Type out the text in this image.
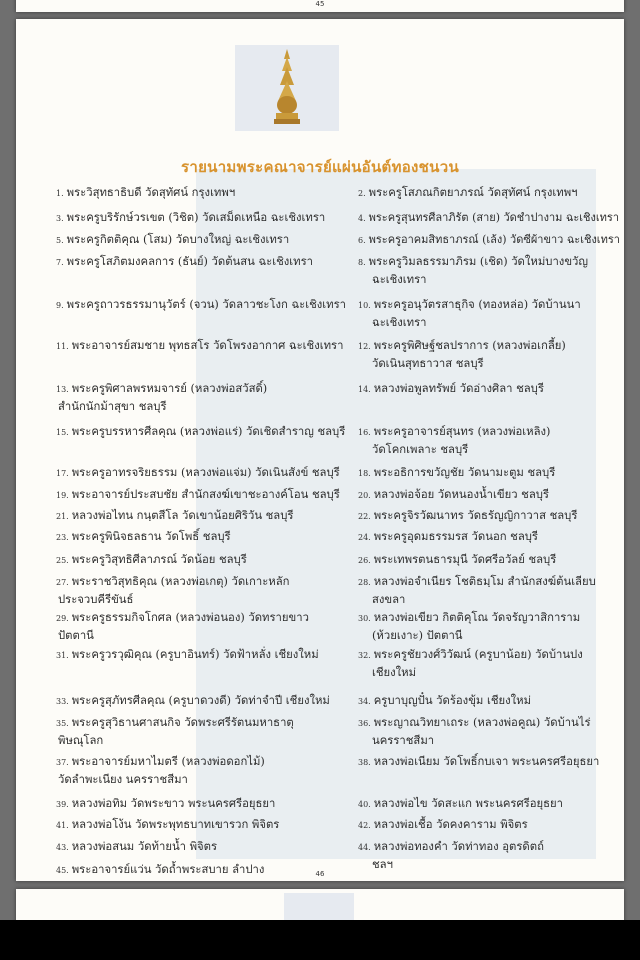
45
รายนามพระคณาจารย์แผ่นอันต์ทองชนวน
1. พระวิสุทธาธิบดี วัดสุทัศน์ กรุงเทพฯ
3. พระครูบริรักษ์วรเขต (วิชิต) วัดเสม็ดเหนือ ฉะเชิงเทรา
5. พระครูกิตติคุณ (โสม) วัดบางใหญ่ ฉะเชิงเทรา
7. พระครูโสภิตมงคลการ (ธันย์) วัดต้นสน ฉะเชิงเทรา
9. พระครูถาวรธรรมานุวัตร์ (จวน) วัดลาวชะโงก ฉะเชิงเทรา
11. พระอาจารย์สมชาย พุทธสโร วัดโพรงอากาศ ฉะเชิงเทรา
13. พระครูพิศาลพรหมจารย์ (หลวงพ่อสวัสดิ์)
สำนักนักม้าสุขา ชลบุรี
15. พระครูบรรหารศีลคุณ (หลวงพ่อแร่) วัดเชิดสำราญ ชลบุรี
17. พระครูอาทรจริยธรรม (หลวงพ่อแจ่ม) วัดเนินสังข์ ชลบุรี
19. พระอาจารย์ประสบชัย สำนักสงฆ์เขาชะอางค์โอน ชลบุรี
21. หลวงพ่อไทน กนฺตสีโล วัดเขาน้อยศิริวัน ชลบุรี
23. พระครูพินิจธลธาน วัดโพธิ์ ชลบุรี
25. พระครูวิสุทธิศีลาภรณ์ วัดน้อย ชลบุรี
27. พระราชวิสุทธิคุณ (หลวงพ่อเกตุ) วัดเกาะหลัก
ประจวบคีรีขันธ์
29. พระครูธรรมกิจโกศล (หลวงพ่อนอง) วัดทรายขาว
ปัตตานี
31. พระครูวรวุฒิคุณ (ครูบาอินทร์) วัดฟ้าหลั่ง เชียงใหม่
33. พระครูสุภัทรศีลคุณ (ครูบาดวงดี) วัดท่าจำปี เชียงใหม่
35. พระครูสุวิธานศาสนกิจ วัดพระศรีรัตนมหาธาตุ
พิษณุโลก
37. พระอาจารย์มหาไมตรี (หลวงพ่อดอกไม้)
วัดลำพะเนียง นครราชสีมา
39. หลวงพ่อทิม วัดพระขาว พระนครศรีอยุธยา
41. หลวงพ่อโง้น วัดพระพุทธบาทเขารวก พิจิตร
43. หลวงพ่อสนม วัดท้ายน้ำ พิจิตร
45. พระอาจารย์แว่น วัดถ้ำพระสบาย ลำปาง
2. พระครูโสภณกิตยาภรณ์ วัดสุทัศน์ กรุงเทพฯ
4. พระครูสุนทรศีลาภิรัต (สาย) วัดชำปางาม ฉะเชิงเทรา
6. พระครูอาคมสิทธาภรณ์ (เล้ง) วัดซีผ้าขาว ฉะเชิงเทรา
8. พระครูวิมลธรรมาภิรม (เชิด) วัดใหม่บางขวัญ
ฉะเชิงเทรา
10. พระครูอนุวัตรสาธุกิจ (ทองหล่อ) วัดบ้านนา
ฉะเชิงเทรา
12. พระครูพิศิษฐ์ชลปราการ (หลวงพ่อเกลี้ย)
วัดเนินสุทธาวาส ชลบุรี
14. หลวงพ่อพูลทรัพย์ วัดอ่างศิลา ชลบุรี
16. พระครูอาจารย์สุนทร (หลวงพ่อเหลิง)
วัดโคกเพลาะ ชลบุรี
18. พระอธิการขวัญชัย วัดนามะตูม ชลบุรี
20. หลวงพ่อจ้อย วัดหนองน้ำเขียว ชลบุรี
22. พระครูจิรวัฒนาทร วัดธรัญญิกาวาส ชลบุรี
24. พระครูอุดมธรรมรส วัดนอก ชลบุรี
26. พระเทพรตนธารมุนี วัดศรีอวัลย์ ชลบุรี
28. หลวงพ่อจำเนียร โชติธมฺโม สำนักสงฆ์ต้นเลียบ
สงขลา
30. หลวงพ่อเขียว กิตติคุโณ วัดจรัญวาสิการาม
(ห้วยเงาะ) ปัตตานี
32. พระครูชัยวงศ์วิวัฒน์ (ครูบาน้อย) วัดบ้านปง
เชียงใหม่
34. ครูบาบุญปั๋น วัดร้องขุ้ม เชียงใหม่
36. พระญาณวิทยาเถระ (หลวงพ่อคูณ) วัดบ้านไร่
นครราชสีมา
38. หลวงพ่อเนียม วัดโพธิ์กบเจา พระนครศรีอยุธยา
40. หลวงพ่อไข วัดสะแก พระนครศรีอยุธยา
42. หลวงพ่อเชื้อ วัดคงคาราม พิจิตร
44. หลวงพ่อทองคำ วัดท่าทอง อุตรดิตถ์
ชลฯ
46
